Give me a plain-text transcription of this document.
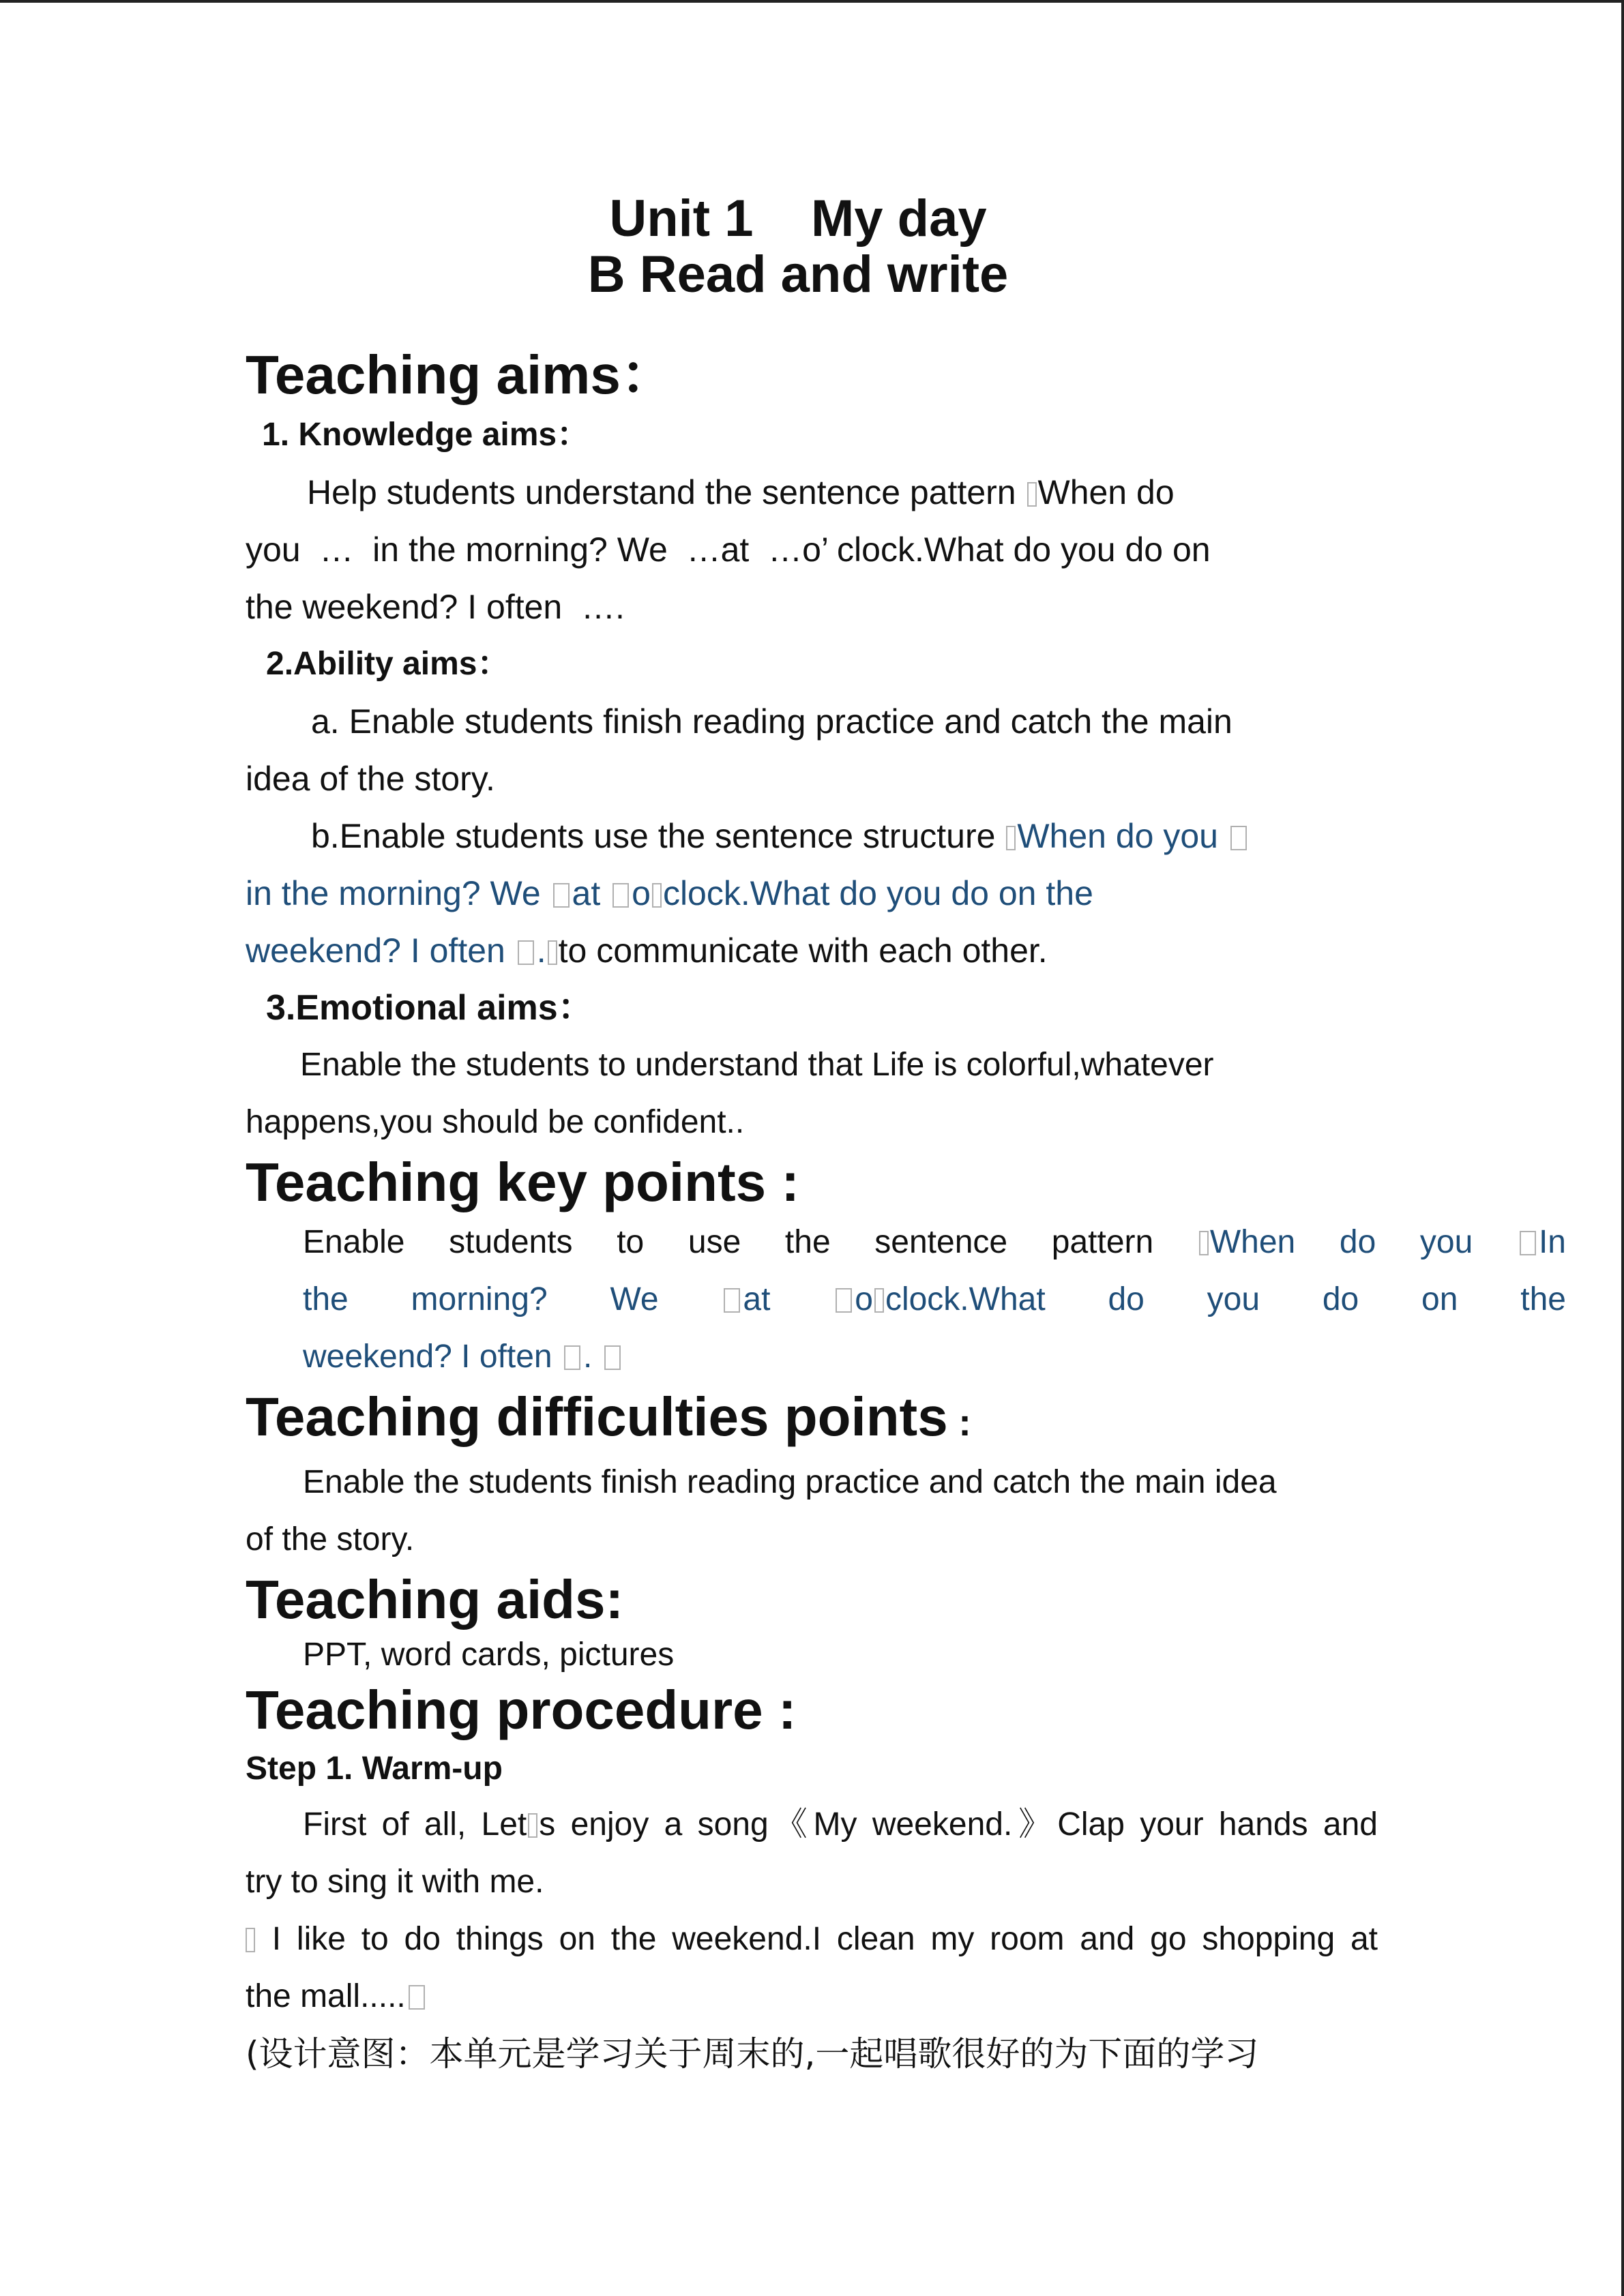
Unit 1    My day
B Read and write

Teaching aims：

1. Knowledge aims：

Help students understand the sentence pattern When do

you  …  in the morning? We  …at  …o’ clock.What do you do on

the weekend? I often  ….

2.Ability aims：

a. Enable students finish reading practice and catch the main

idea of the story.

b.Enable students use the sentence structure When do you

in the morning? We at o clock.What do you do on the

weekend? I often . to communicate with each other.

3.Emotional aims：

Enable the students to understand that Life is colorful,whatever

happens,you should be confident..

Teaching key points :

Enable students to use the sentence pattern When do you In

the morning? We at o clock.What do you do on the

weekend? I often .

Teaching difficulties points :

Enable the students finish reading practice and catch the main idea

of the story.

Teaching aids:

PPT, word cards, pictures

Teaching procedure :

Step 1. Warm-up

First of all, Let s enjoy a song《My weekend.》Clap your hands and

try to sing it with me.

I like to do things on the weekend.I clean my room and go shopping at

the mall.....

(设计意图：本单元是学习关于周末的,一起唱歌很好的为下面的学习
